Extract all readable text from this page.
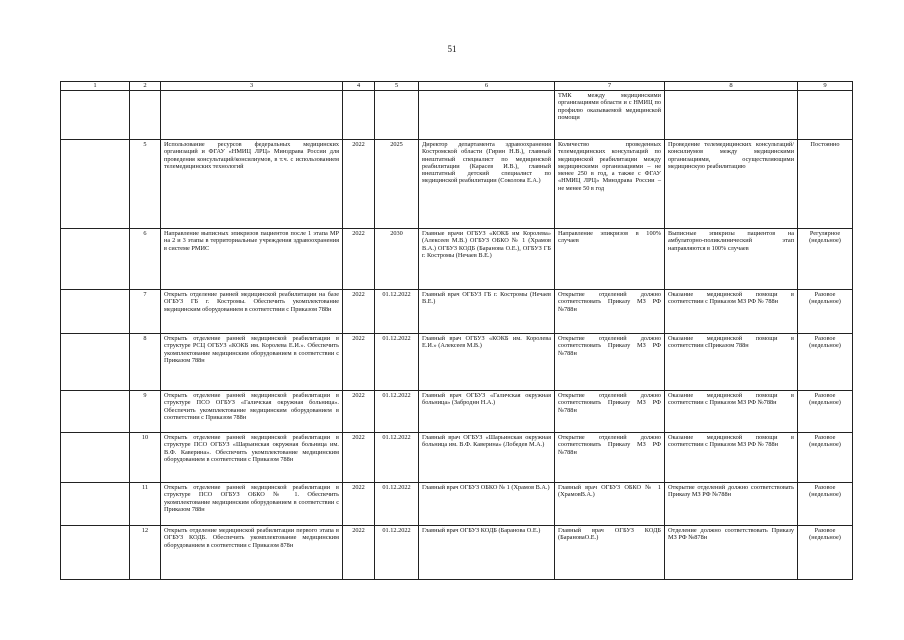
51
1	2	3	4	5	6	7	8	9
						ТМК между медицинскими организациями области и с НМИЦ по профилю оказываемой медицинской помощи		
	5	Использование ресурсов федеральных медицинских организаций и ФГАУ «НМИЦ ЛРЦ» Минздрава России для проведения консультаций/консилиумов, в т.ч. с использованием телемедицинских технологий	2022	2025	Директор департамента здравоохранения Костромской области (Гирин Н.В.), главный внештатный специалист по медицинской реабилитации (Карасев И.В.), главный внештатный детский специалист по медицинской реабилитации (Соколова Е.А.)	Количество проведенных телемедицинских консультаций по медицинской реабилитации между медицинскими организациями – не менее 250 в год, а также с ФГАУ «НМИЦ ЛРЦ» Минздрава России – не менее 50 в год	Проведение телемедицинских консультаций/консилиумов между медицинскими организациями, осуществляющими медицинскую реабилитацию	Постоянно
	6	Направление выписных эпикризов пациентов после 1 этапа МР на 2 и 3 этапы в территориальные учреждения здравоохранения в системе РМИС	2022	2030	Главные врачи ОГБУЗ «КОКБ им Королева» (Алексеев М.В.) ОГБУЗ ОБКО № 1 (Храмов В.А.) ОГБУЗ КОДБ (Баранова О.Е.), ОГБУЗ ГБ г. Костромы (Нечаев В.Е.)	Направление эпикризов в 100% случаев	Выписные эпикризы пациентов на амбулаторно-поликлинический этап направляются в 100% случаев	Регулярное (недельное)
	7	Открыть отделение ранней медицинской реабилитации на базе ОГБУЗ ГБ г. Костромы. Обеспечить укомплектование медицинским оборудованием в соответствии с Приказом 788н	2022	01.12.2022	Главный врач ОГБУЗ ГБ г. Костромы (Нечаев В.Е.)	Открытие отделений должно соответствовать Приказу МЗ РФ №788н	Оказание медицинской помощи в соответствии с Приказом МЗ РФ № 788н	Разовое (недельное)
	8	Открыть отделение ранней медицинской реабилитации в структуре РСЦ ОГБУЗ «КОКБ им. Королева Е.И.». Обеспечить укомплектование медицинским оборудованием в соответствии с Приказом 788н	2022	01.12.2022	Главный врач ОГБУЗ «КОКБ им. Королева Е.И.» (Алексеев М.В.)	Открытие отделений должно соответствовать Приказу МЗ РФ №788н	Оказание медицинской помощи в соответствии сПриказом 788н	Разовое (недельное)
	9	Открыть отделение ранней медицинской реабилитации в структуре ПСО ОГБУЗ «Галичская окружная больница». Обеспечить укомплектование медицинским оборудованием в соответствии с Приказом 788н	2022	01.12.2022	Главный врач ОГБУЗ «Галичская окружная больница» (Заброднн Н.А.)	Открытие отделений должно соответствовать Приказу МЗ РФ №788н	Оказание медицинской помощи в соответствии с Приказом МЗ РФ №788н	Разовое (недельное)
	10	Открыть отделение ранней медицинской реабилитации в структуре ПСО ОГБУЗ «Шарьинская окружная больница им. В.Ф. Каверина». Обеспечить укомплектование медицинским оборудованием в соответствии с Приказом 788н	2022	01.12.2022	Главный врач ОГБУЗ «Шарьинская окружная больница им. В.Ф. Каверина» (Лобедев М.А.)	Открытие отделений должно соответствовать Приказу МЗ РФ №788н	Оказание медицинской помощи в соответствии с Приказом МЗ РФ № 788н	Разовое (недельное)
	11	Открыть отделение ранней медицинской реабилитации в структуре ПСО ОГБУЗ ОБКО № 1. Обеспечить укомплектование медицинским оборудованием в соответствии с Приказом 788н	2022	01.12.2022	Главный врач ОГБУЗ ОБКО № 1 (Храмов В.А.)	Главный врач ОГБУЗ ОБКО № 1 (ХрамовВ.А.)	Открытие отделений должно соответствовать Приказу МЗ РФ №788н	Разовое (недельное)
	12	Открыть отделение медицинской реабилитации первого этапа в ОГБУЗ КОДБ. Обеспечить укомплектование медицинским оборудованием в соответствии с Приказом 878н	2022	01.12.2022	Главный врач ОГБУЗ КОДБ (Баранова О.Е.)	Главный врач ОГБУЗ КОДБ (БарановаО.Е.)	Отделение должно соответствовать Приказу МЗ РФ №878н	Разовое (недельное)
